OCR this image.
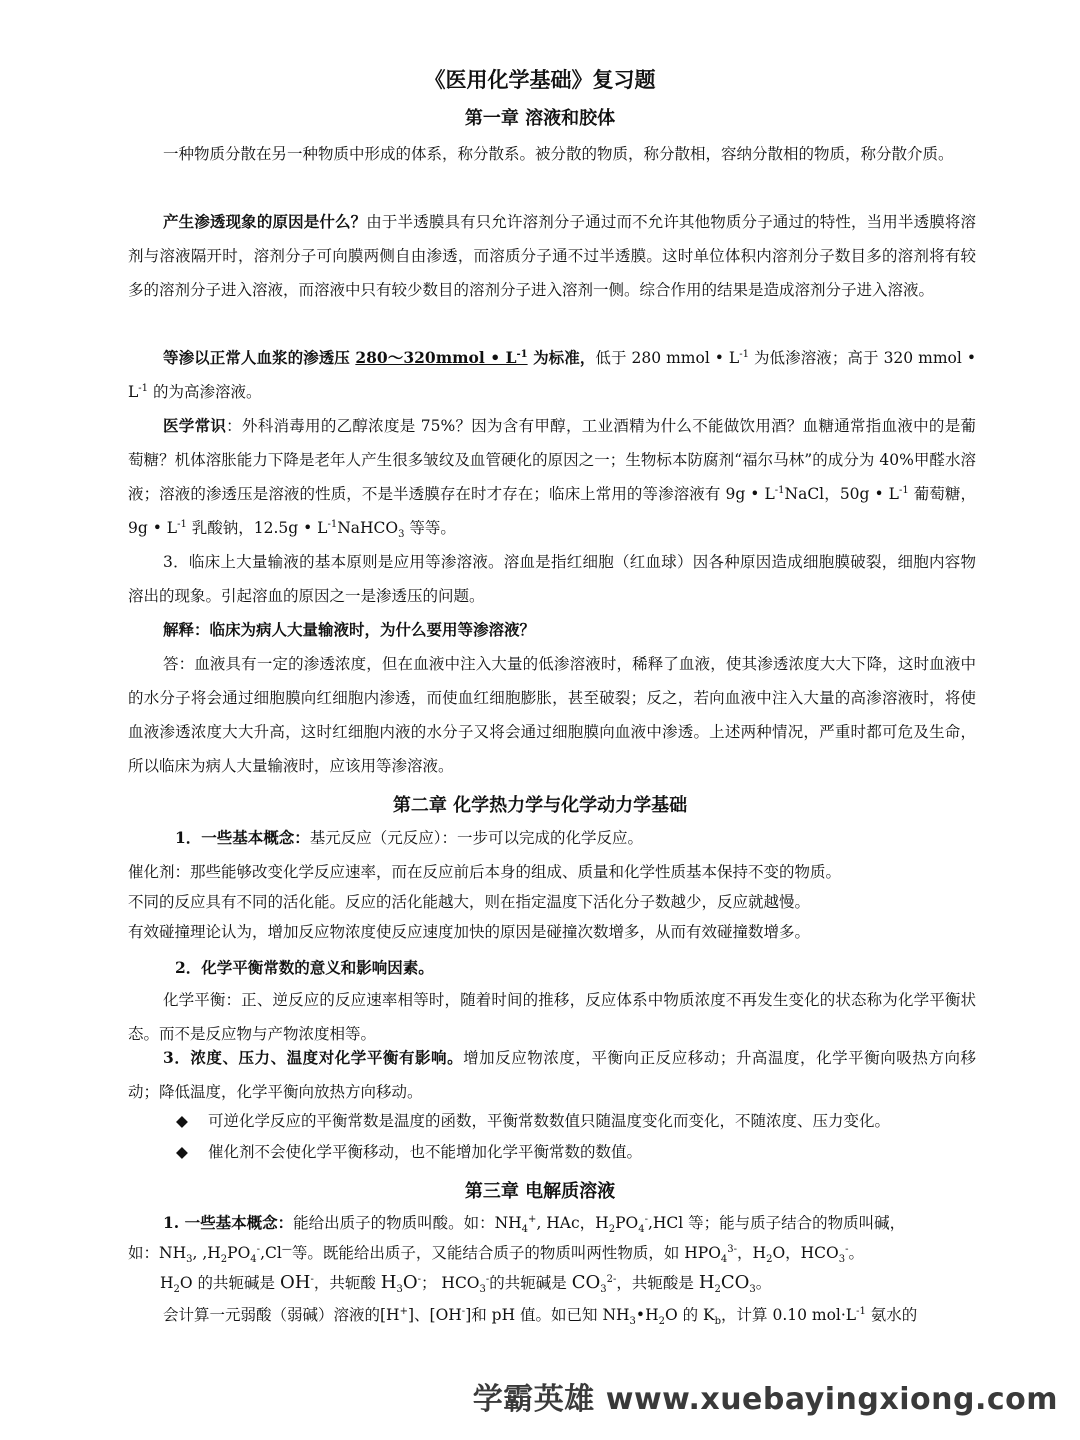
《医用化学基础》复习题
第一章 溶液和胶体

一种物质分散在另一种物质中形成的体系，称分散系。被分散的物质，称分散相，容纳分散相的物质，称分散介质。

产生渗透现象的原因是什么？由于半透膜具有只允许溶剂分子通过而不允许其他物质分子通过的特性，当用半透膜将溶剂与溶液隔开时，溶剂分子可向膜两侧自由渗透，而溶质分子通不过半透膜。这时单位体积内溶剂分子数目多的溶剂将有较多的溶剂分子进入溶液，而溶液中只有较少数目的溶剂分子进入溶剂一侧。综合作用的结果是造成溶剂分子进入溶液。

等渗以正常人血浆的渗透压 280～320mmol • $L^{-1}$ 为标准，低于 280 mmol • $L^{-1}$ 为低渗溶液；高于 320 mmol • $L^{-1}$ 的为高渗溶液。

医学常识：外科消毒用的乙醇浓度是 75%？因为含有甲醇，工业酒精为什么不能做饮用酒？血糖通常指血液中的是葡萄糖？机体溶胀能力下降是老年人产生很多皱纹及血管硬化的原因之一；生物标本防腐剂“福尔马林”的成分为 40%甲醛水溶液；溶液的渗透压是溶液的性质，不是半透膜存在时才存在；临床上常用的等渗溶液有 9g • $L^{-1}NaCl$，50g • $L^{-1}$ 葡萄糖，9g • $L^{-1}$ 乳酸钠，12.5g • $L^{-1}NaHCO_3$ 等等。

3．临床上大量输液的基本原则是应用等渗溶液。溶血是指红细胞（红血球）因各种原因造成细胞膜破裂，细胞内容物溶出的现象。引起溶血的原因之一是渗透压的问题。

解释：临床为病人大量输液时，为什么要用等渗溶液？

答：血液具有一定的渗透浓度，但在血液中注入大量的低渗溶液时，稀释了血液，使其渗透浓度大大下降，这时血液中的水分子将会通过细胞膜向红细胞内渗透，而使血红细胞膨胀，甚至破裂；反之，若向血液中注入大量的高渗溶液时，将使血液渗透浓度大大升高，这时红细胞内液的水分子又将会通过细胞膜向血液中渗透。上述两种情况，严重时都可危及生命，所以临床为病人大量输液时，应该用等渗溶液。

第二章 化学热力学与化学动力学基础

1．一些基本概念：基元反应（元反应）：一步可以完成的化学反应。

催化剂：那些能够改变化学反应速率，而在反应前后本身的组成、质量和化学性质基本保持不变的物质。

不同的反应具有不同的活化能。反应的活化能越大，则在指定温度下活化分子数越少，反应就越慢。

有效碰撞理论认为，增加反应物浓度使反应速度加快的原因是碰撞次数增多，从而有效碰撞数增多。

2．化学平衡常数的意义和影响因素。

化学平衡：正、逆反应的反应速率相等时，随着时间的推移，反应体系中物质浓度不再发生变化的状态称为化学平衡状态。而不是反应物与产物浓度相等。

3．浓度、压力、温度对化学平衡有影响。增加反应物浓度，平衡向正反应移动；升高温度，化学平衡向吸热方向移动；降低温度，化学平衡向放热方向移动。

◆ 可逆化学反应的平衡常数是温度的函数，平衡常数数值只随温度变化而变化，不随浓度、压力变化。
◆ 催化剂不会使化学平衡移动，也不能增加化学平衡常数的数值。
第三章 电解质溶液

1. 一些基本概念：能给出质子的物质叫酸。如：$NH_4^+$, HAc，$H_2PO_4^-,HCl$ 等；能与质子结合的物质叫碱，

如：$NH_3$, $,H_2PO_4^-,Cl^—$等。既能给出质子，又能结合质子的物质叫两性物质，如 $HPO_4^{3-}$，$H_2O$，$HCO_3^-$。

$H_2O$ 的共轭碱是 OH-，共轭酸 $H_3O^-$； $HCO_3^-$的共轭碱是 $CO_3^{2-}$，共轭酸是 $H_2CO_3$。

会计算一元弱酸（弱碱）溶液的[H+]、[OH-]和 pH 值。如已知 $NH_3•H_2O$ 的 $K_b$，计算 0.10 $mol\cdot L^{-1}$ 氨水的

学霸英雄 www.xuebayingxiong.com
